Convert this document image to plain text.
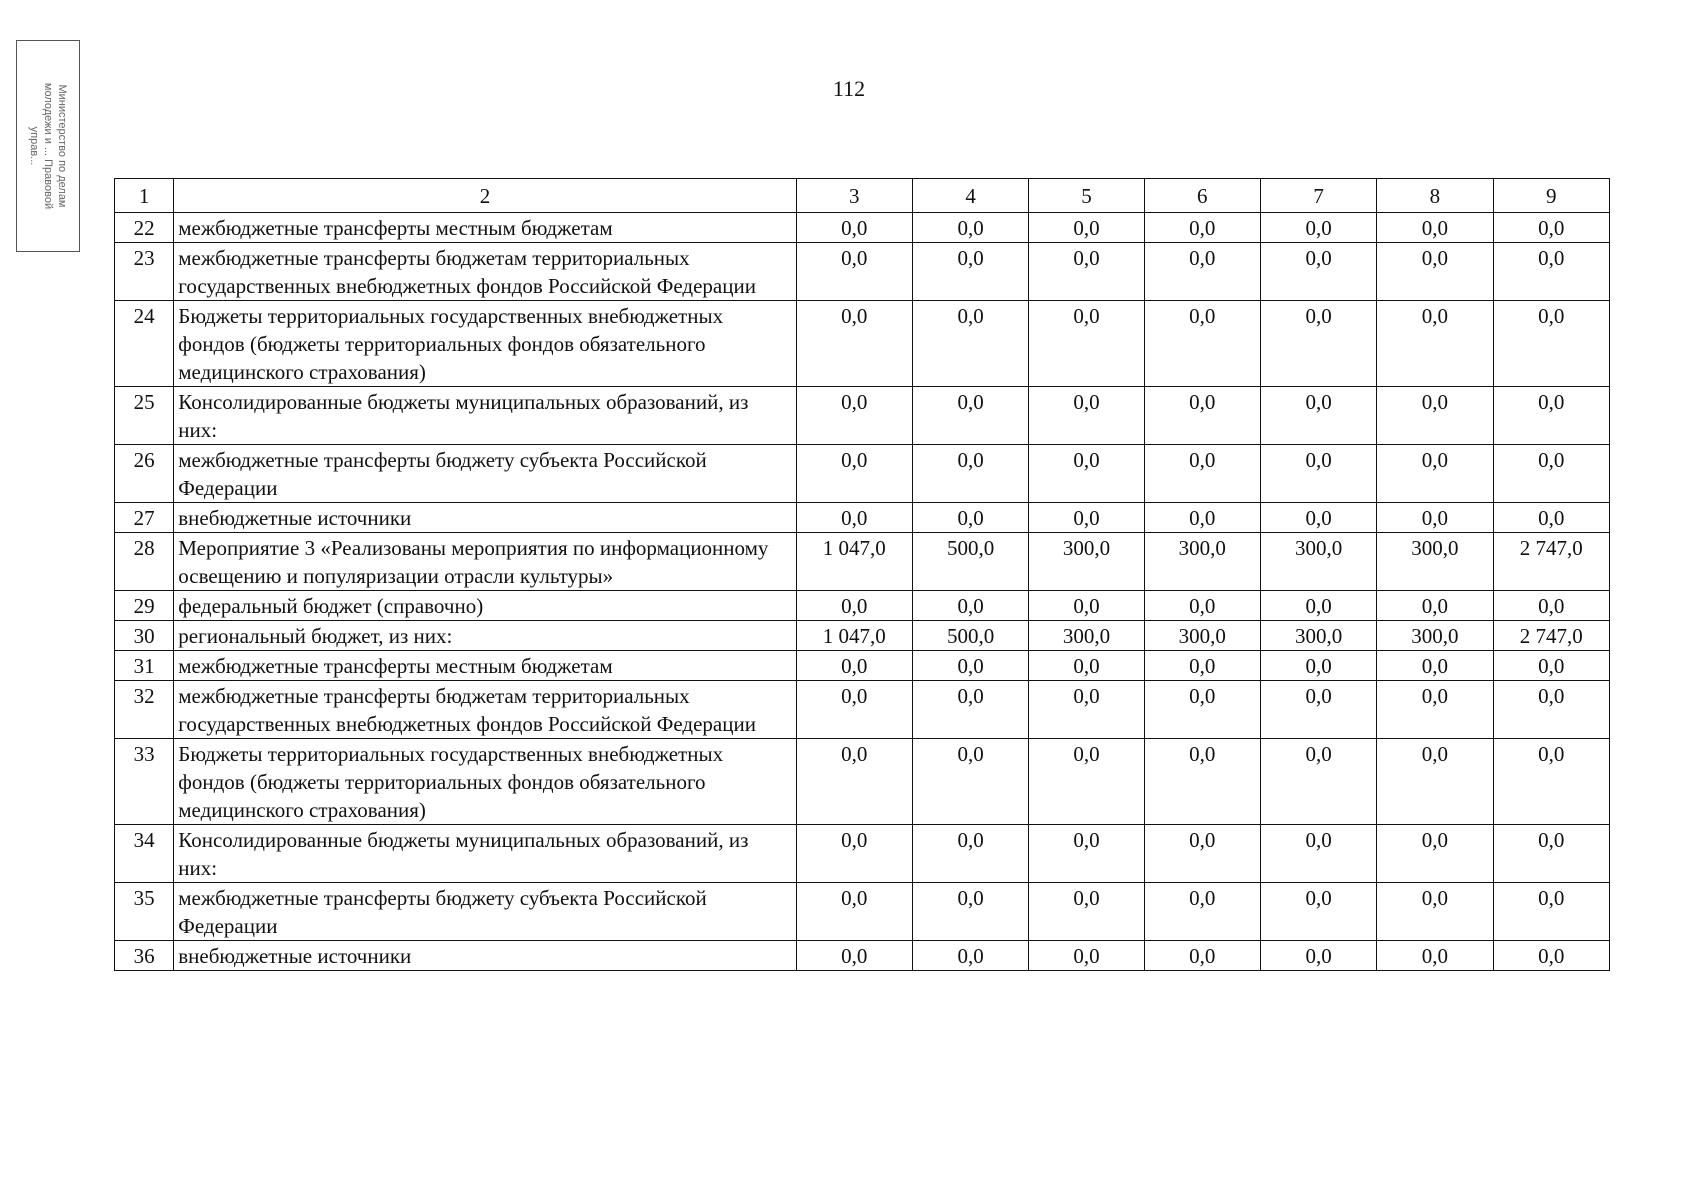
Министерство по делам
молодежи и ... Правовой
управ...
112
1	2	3	4	5	6	7	8	9
22	межбюджетные трансферты местным бюджетам	0,0	0,0	0,0	0,0	0,0	0,0	0,0
23	межбюджетные трансферты бюджетам территориальных государственных внебюджетных фондов Российской Федерации	0,0	0,0	0,0	0,0	0,0	0,0	0,0
24	Бюджеты территориальных государственных внебюджетных фондов (бюджеты территориальных фондов обязательного медицинского страхования)	0,0	0,0	0,0	0,0	0,0	0,0	0,0
25	Консолидированные бюджеты муниципальных образований, из них:	0,0	0,0	0,0	0,0	0,0	0,0	0,0
26	межбюджетные трансферты бюджету субъекта Российской Федерации	0,0	0,0	0,0	0,0	0,0	0,0	0,0
27	внебюджетные источники	0,0	0,0	0,0	0,0	0,0	0,0	0,0
28	Мероприятие 3 «Реализованы мероприятия по информационному освещению и популяризации отрасли культуры»	1 047,0	500,0	300,0	300,0	300,0	300,0	2 747,0
29	федеральный бюджет (справочно)	0,0	0,0	0,0	0,0	0,0	0,0	0,0
30	региональный бюджет, из них:	1 047,0	500,0	300,0	300,0	300,0	300,0	2 747,0
31	межбюджетные трансферты местным бюджетам	0,0	0,0	0,0	0,0	0,0	0,0	0,0
32	межбюджетные трансферты бюджетам территориальных государственных внебюджетных фондов Российской Федерации	0,0	0,0	0,0	0,0	0,0	0,0	0,0
33	Бюджеты территориальных государственных внебюджетных фондов (бюджеты территориальных фондов обязательного медицинского страхования)	0,0	0,0	0,0	0,0	0,0	0,0	0,0
34	Консолидированные бюджеты муниципальных образований, из них:	0,0	0,0	0,0	0,0	0,0	0,0	0,0
35	межбюджетные трансферты бюджету субъекта Российской Федерации	0,0	0,0	0,0	0,0	0,0	0,0	0,0
36	внебюджетные источники	0,0	0,0	0,0	0,0	0,0	0,0	0,0
